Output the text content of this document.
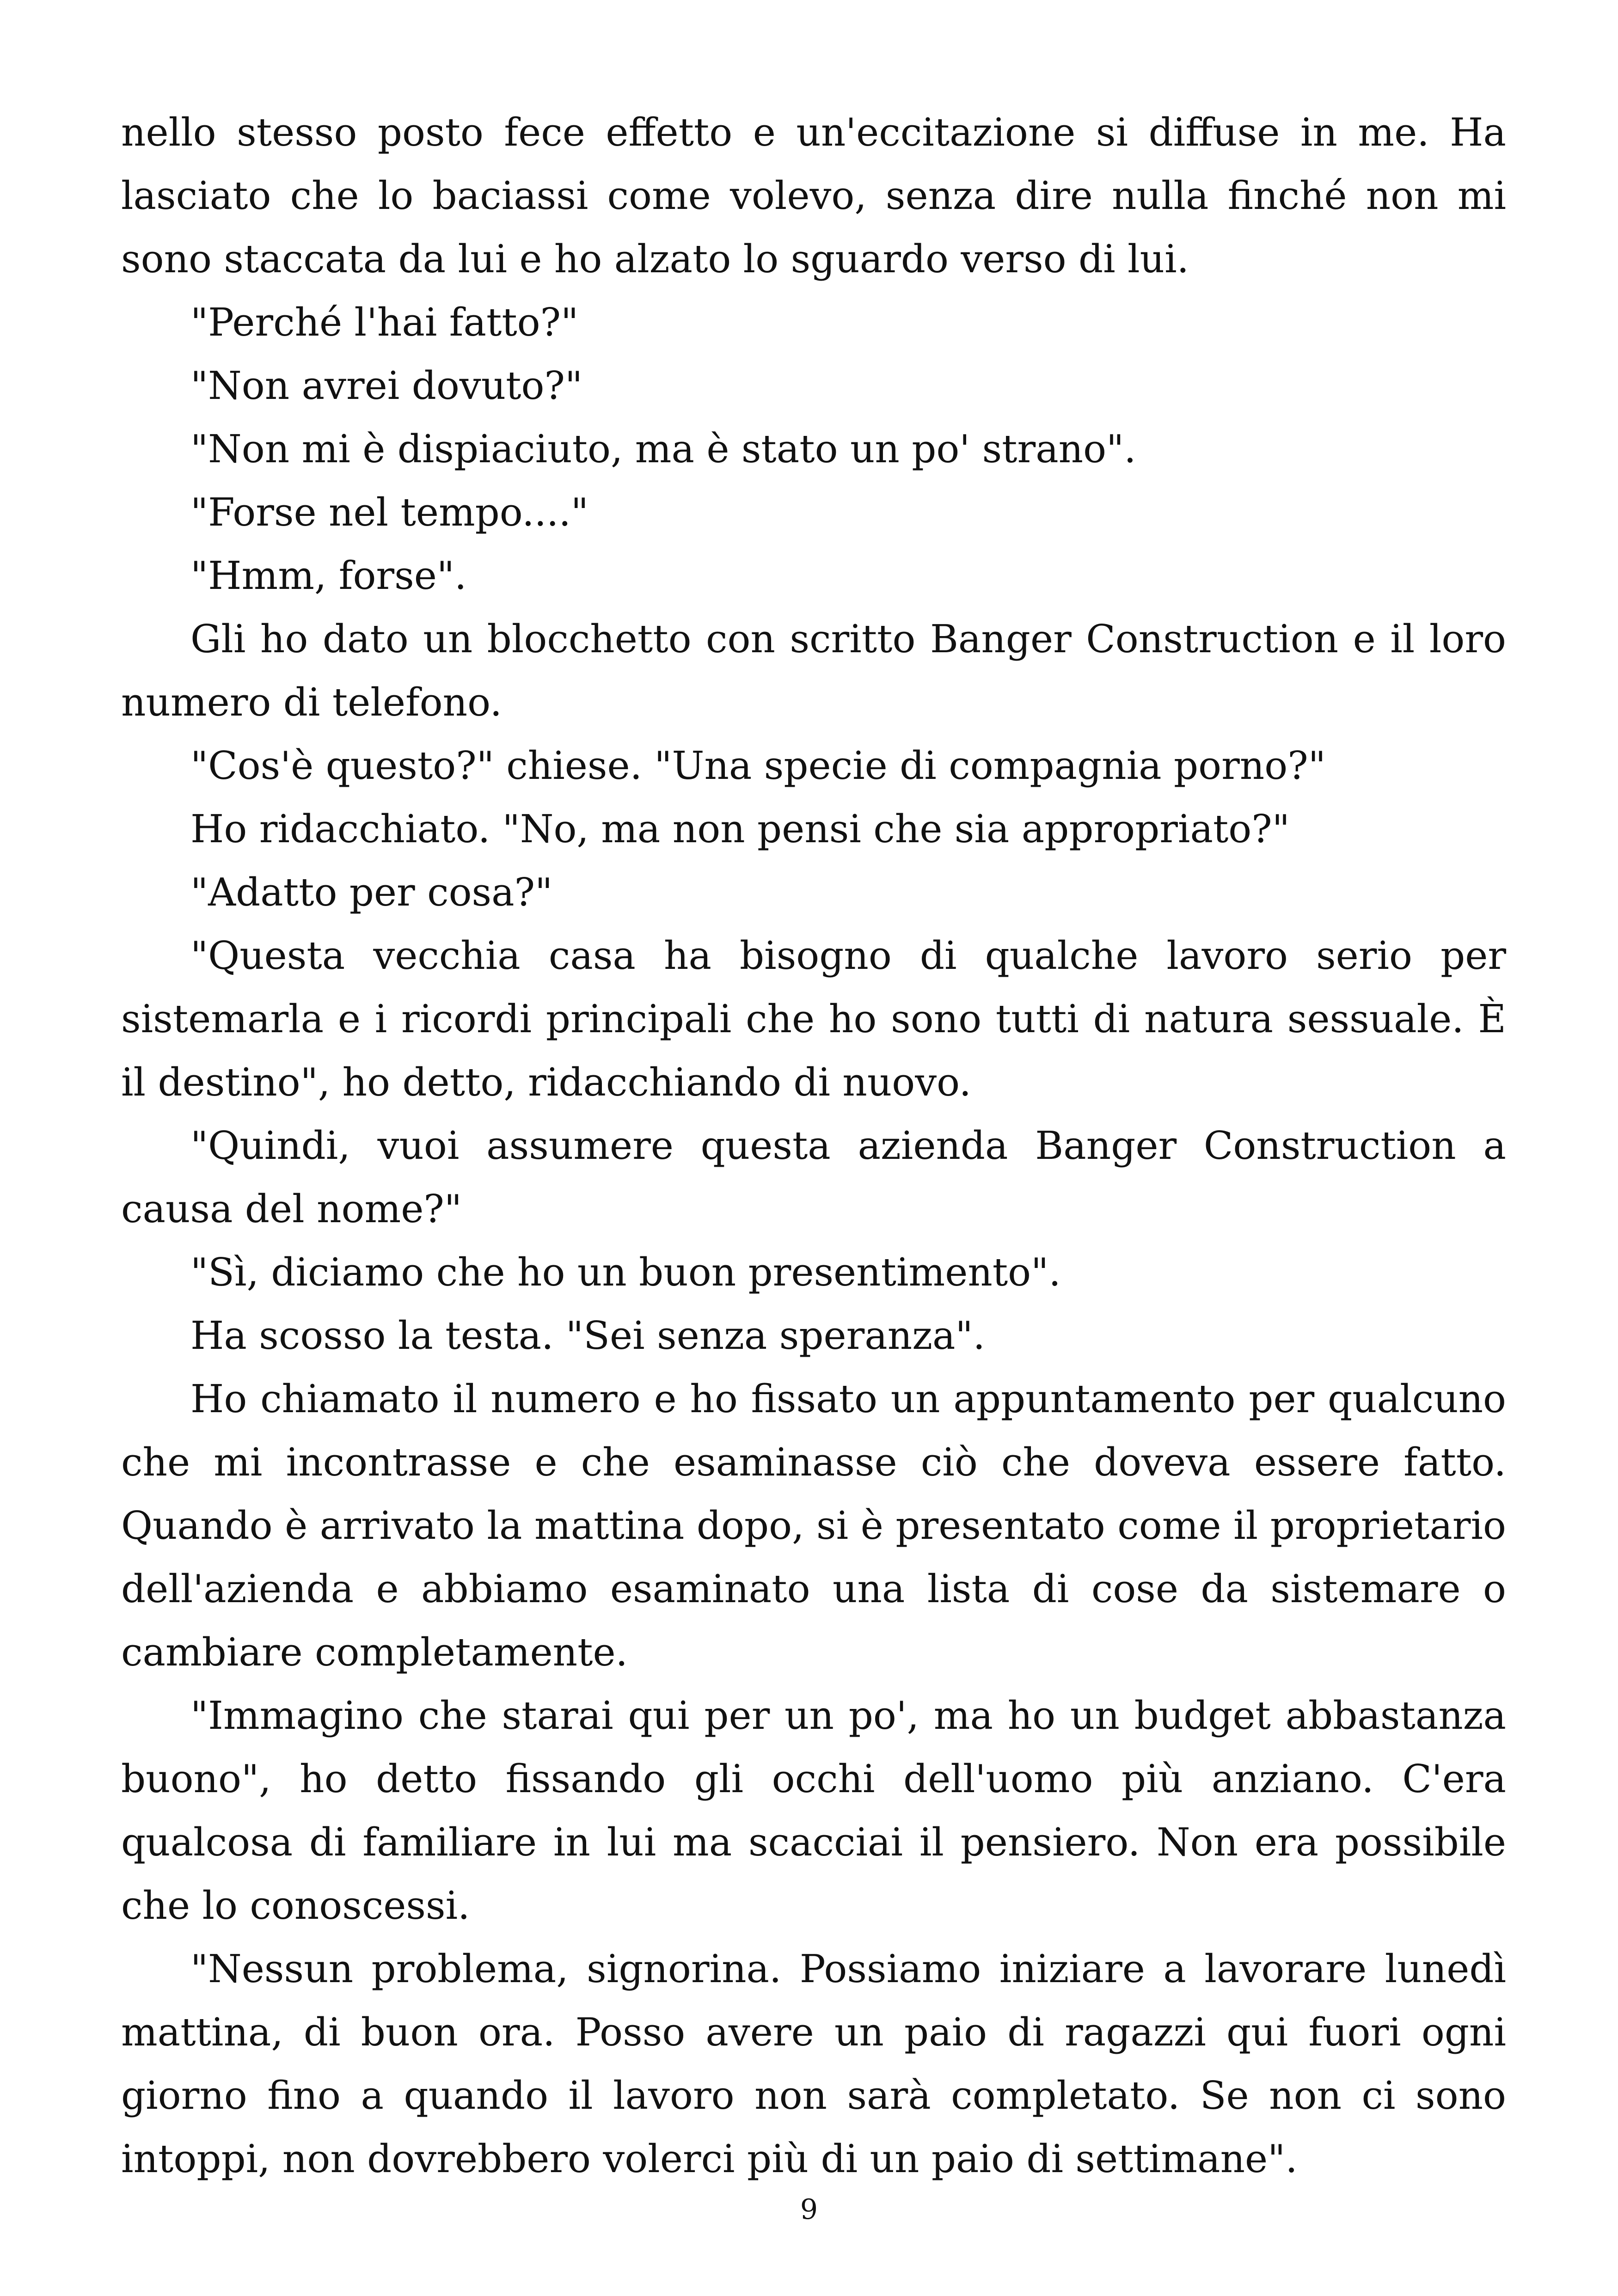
nello stesso posto fece effetto e un'eccitazione si diffuse in me. Ha lasciato che lo baciassi come volevo, senza dire nulla finché non mi sono staccata da lui e ho alzato lo sguardo verso di lui.

"Perché l'hai fatto?"

"Non avrei dovuto?"

"Non mi è dispiaciuto, ma è stato un po' strano".

"Forse nel tempo...."

"Hmm, forse".

Gli ho dato un blocchetto con scritto Banger Construction e il loro numero di telefono.

"Cos'è questo?" chiese. "Una specie di compagnia porno?"

Ho ridacchiato. "No, ma non pensi che sia appropriato?"

"Adatto per cosa?"

"Questa vecchia casa ha bisogno di qualche lavoro serio per sistemarla e i ricordi principali che ho sono tutti di natura sessuale. È il destino", ho detto, ridacchiando di nuovo.

"Quindi, vuoi assumere questa azienda Banger Construction a causa del nome?"

"Sì, diciamo che ho un buon presentimento".

Ha scosso la testa. "Sei senza speranza".

Ho chiamato il numero e ho fissato un appuntamento per qualcuno che mi incontrasse e che esaminasse ciò che doveva essere fatto. Quando è arrivato la mattina dopo, si è presentato come il proprietario dell'azienda e abbiamo esaminato una lista di cose da sistemare o cambiare completamente.

"Immagino che starai qui per un po', ma ho un budget abbastanza buono", ho detto fissando gli occhi dell'uomo più anziano. C'era qualcosa di familiare in lui ma scacciai il pensiero. Non era possibile che lo conoscessi.

"Nessun problema, signorina. Possiamo iniziare a lavorare lunedì mattina, di buon ora. Posso avere un paio di ragazzi qui fuori ogni giorno fino a quando il lavoro non sarà completato. Se non ci sono intoppi, non dovrebbero volerci più di un paio di settimane".

9
